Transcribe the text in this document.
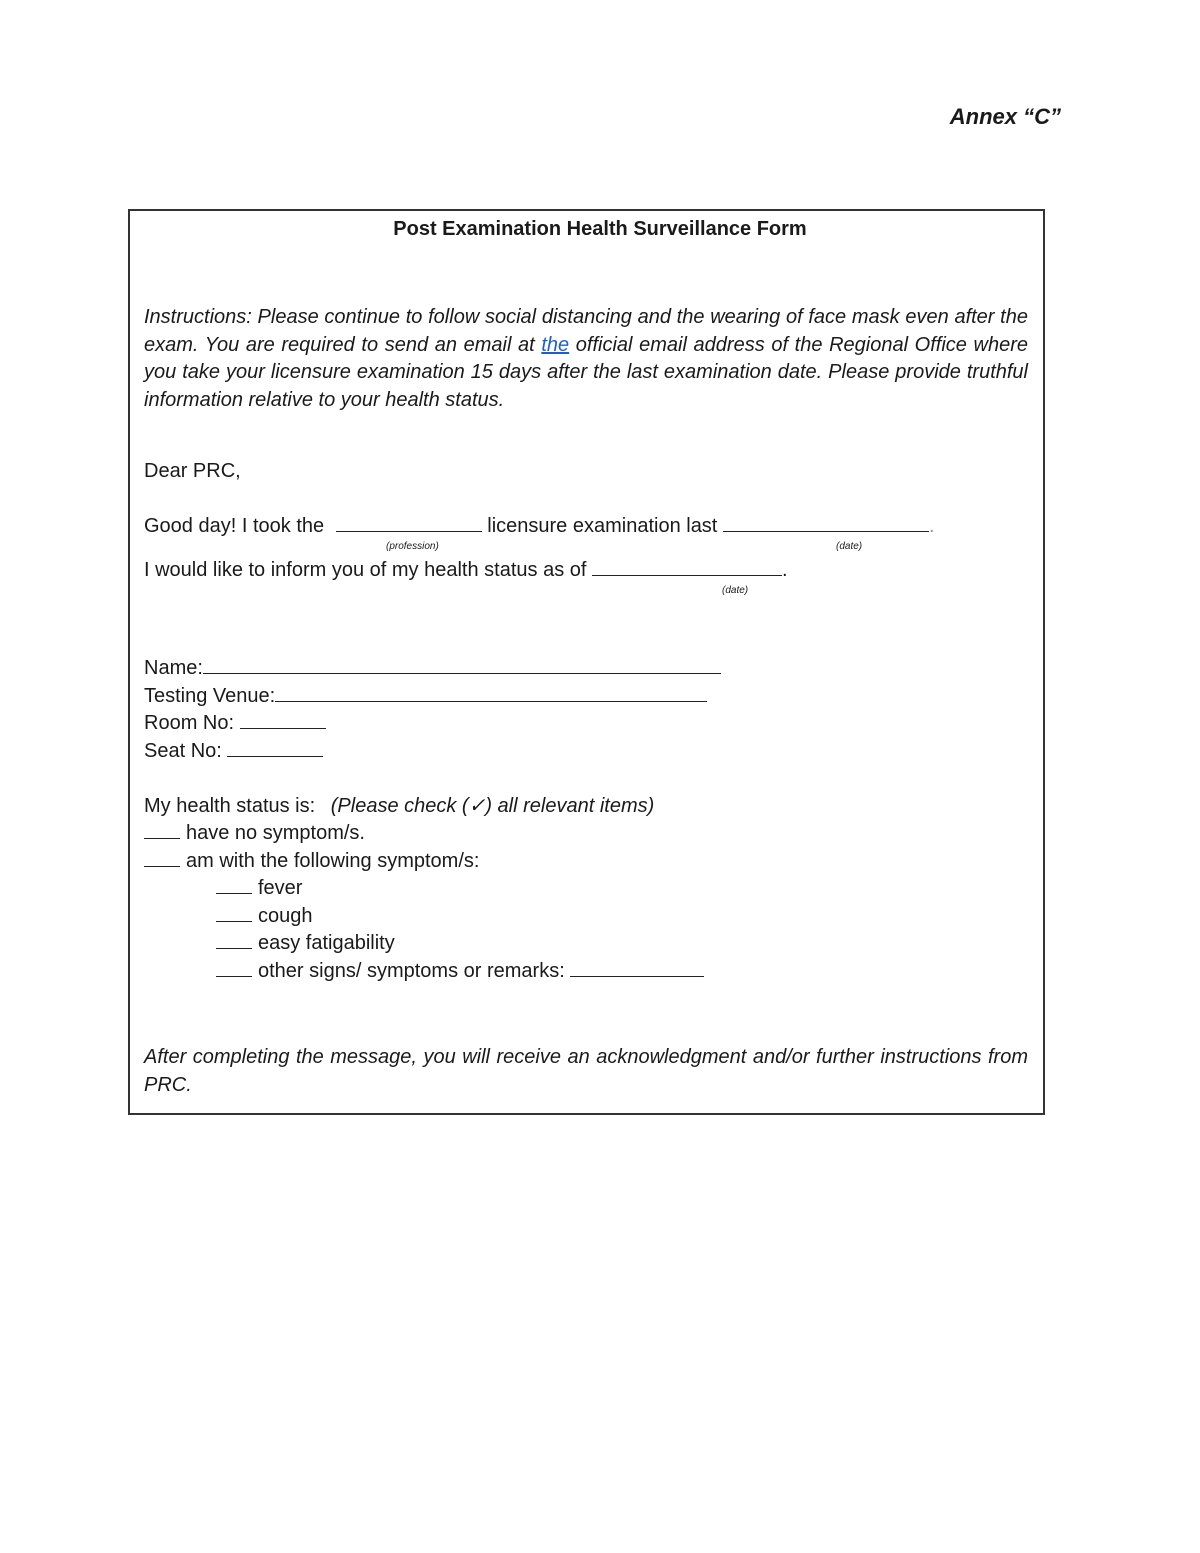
Annex “C”
Post Examination Health Surveillance Form
Instructions: Please continue to follow social distancing and the wearing of face mask even after the exam. You are required to send an email at the official email address of the Regional Office where you take your licensure examination 15 days after the last examination date. Please provide truthful information relative to your health status.
Dear PRC,
Good day! I took the	licensure examination last	.
(profession)	(date)
I would like to inform you of my health status as of	.
(date)
Name:
Testing Venue:
Room No:
Seat No:
My health status is: (Please check (✓) all relevant items)
have no symptom/s.
am with the following symptom/s:
fever
cough
easy fatigability
other signs/ symptoms or remarks:
After completing the message, you will receive an acknowledgment and/or further instructions from PRC.
